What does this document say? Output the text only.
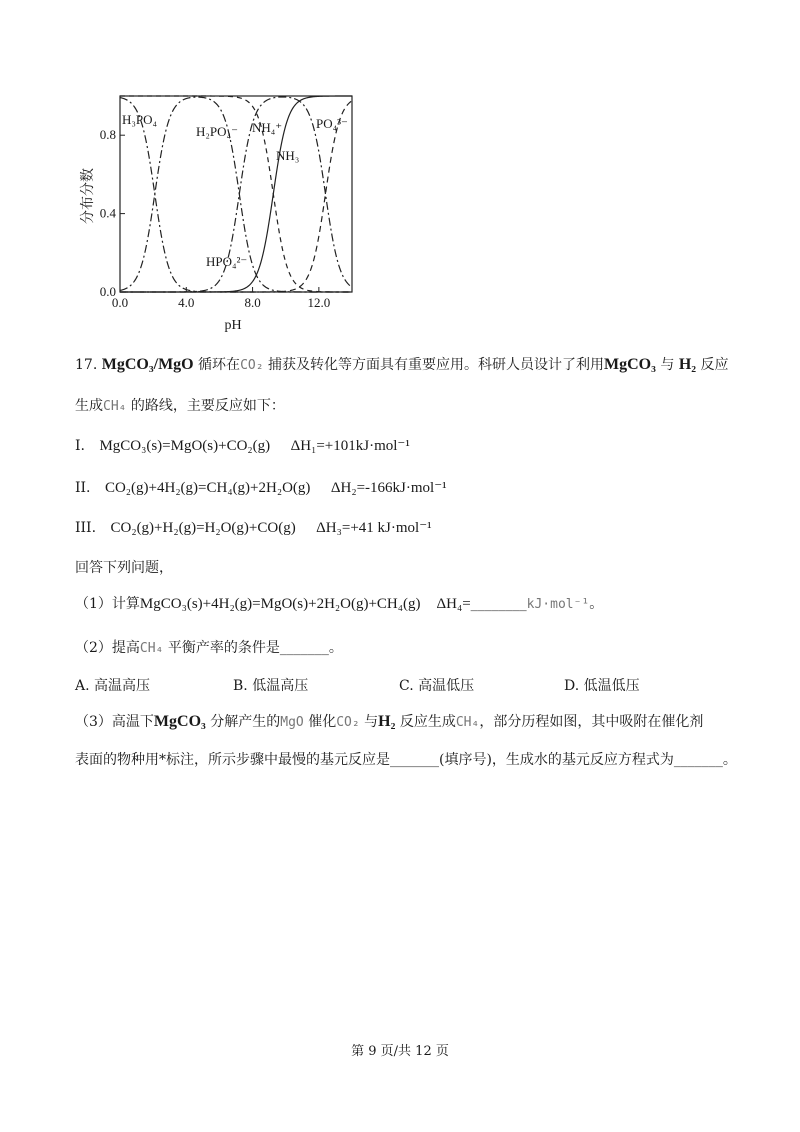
分布分数
0.0	4.0	8.0	12.0
0.0
0.4
0.8
pH
H₃PO₄
H₂PO₄⁻ NH₄⁺
NH₃
PO₄³⁻
HPO₄²⁻
17. MgCO₃/MgO 循环在CO₂ 捕获及转化等方面具有重要应用。科研人员设计了利用MgCO₃ 与 H₂ 反应
生成CH₄ 的路线，主要反应如下：
I. MgCO₃(s)=MgO(s)+CO₂(g) ΔH₁=+101kJ·mol⁻¹
II. CO₂(g)+4H₂(g)=CH₄(g)+2H₂O(g) ΔH₂=-166kJ·mol⁻¹
III. CO₂(g)+H₂(g)=H₂O(g)+CO(g) ΔH₃=+41 kJ·mol⁻¹
回答下列问题，
（1）计算MgCO₃(s)+4H₂(g)=MgO(s)+2H₂O(g)+CH₄(g) ΔH₄=________kJ·mol⁻¹。
（2）提高CH₄ 平衡产率的条件是_______。
A. 高温高压	B. 低温高压	C. 高温低压	D. 低温低压
（3）高温下MgCO₃ 分解产生的MgO 催化CO₂ 与H₂ 反应生成CH₄，部分历程如图，其中吸附在催化剂
表面的物种用*标注，所示步骤中最慢的基元反应是_______(填序号)，生成水的基元反应方程式为_______。
第 9 页/共 12 页
